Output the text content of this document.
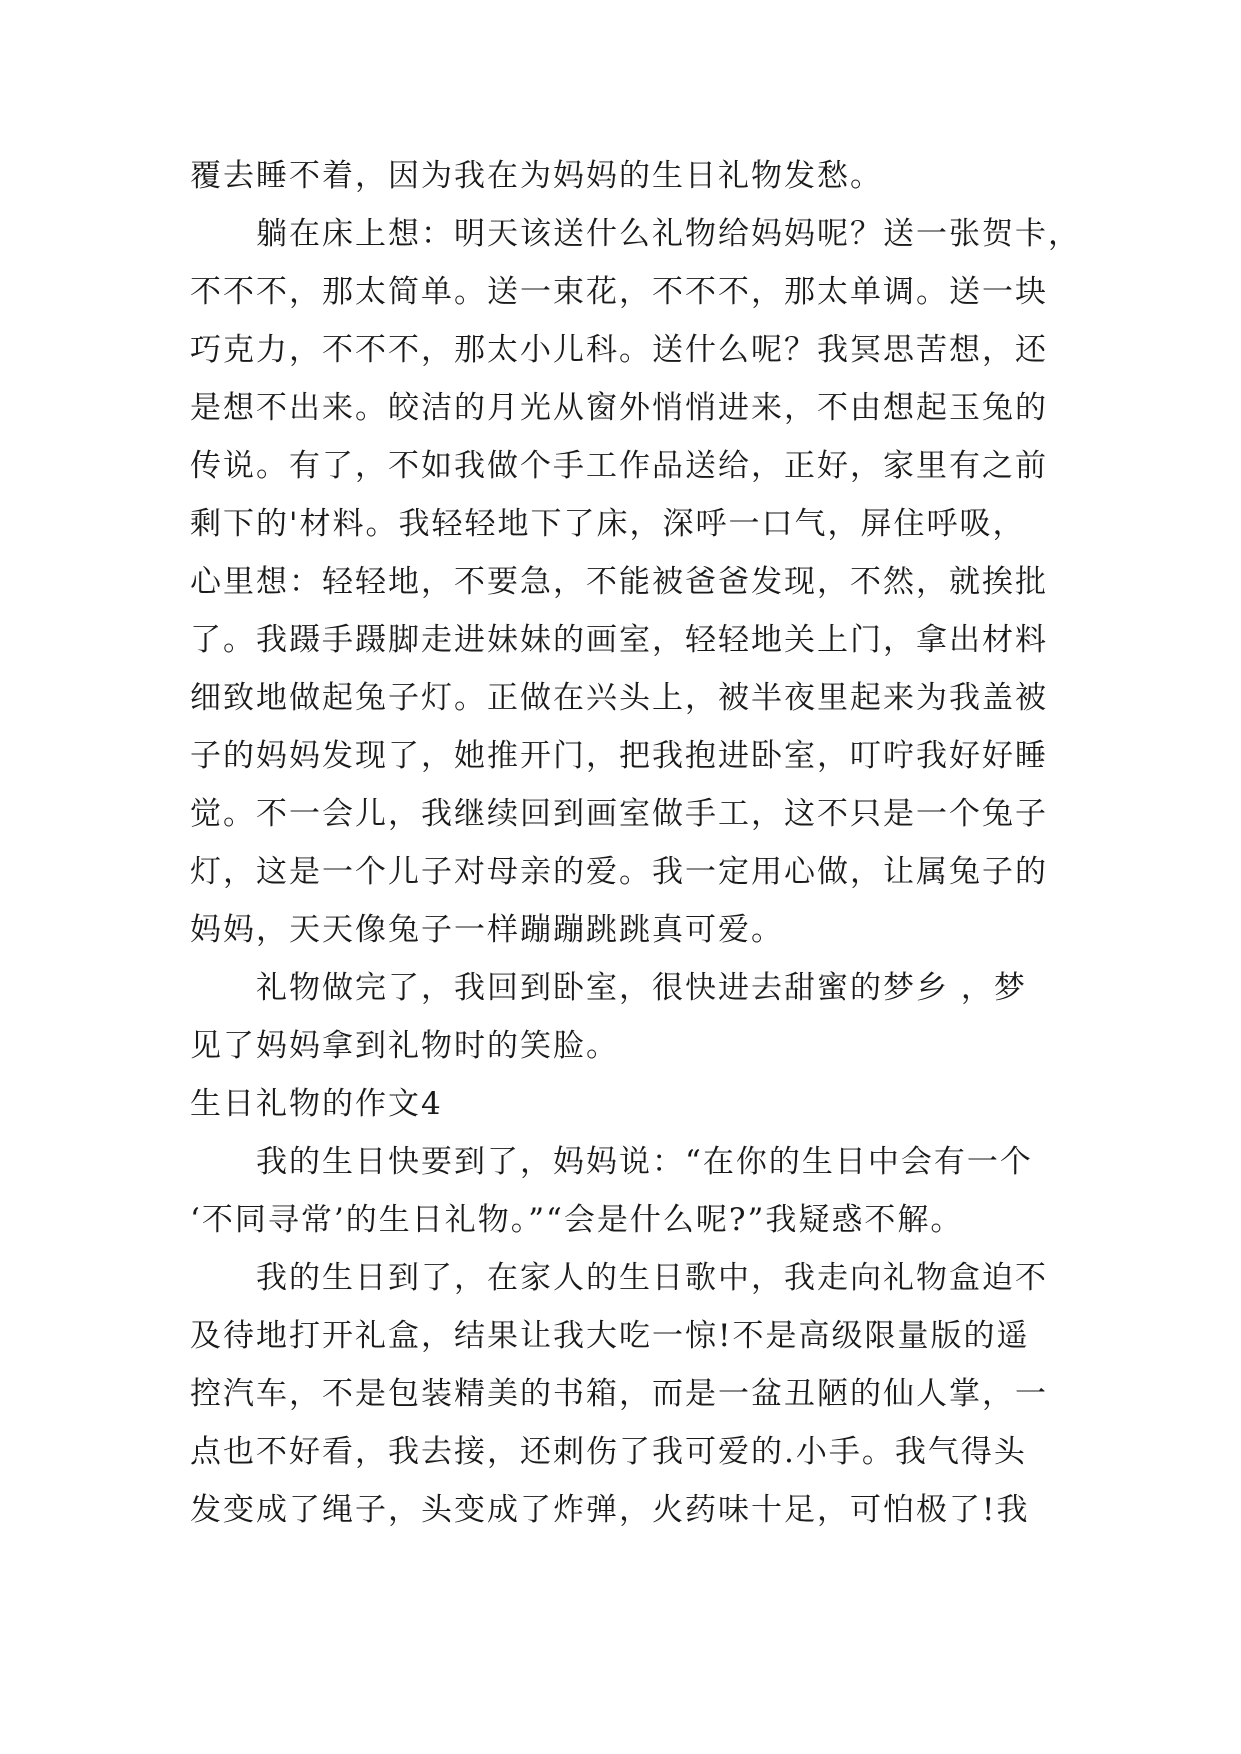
覆去睡不着，因为我在为妈妈的生日礼物发愁。
躺在床上想：明天该送什么礼物给妈妈呢？送一张贺卡，
不不不，那太简单。送一束花，不不不，那太单调。送一块
巧克力，不不不，那太小儿科。送什么呢？我冥思苦想，还
是想不出来。皎洁的月光从窗外悄悄进来，不由想起玉兔的
传说。有了，不如我做个手工作品送给，正好，家里有之前
剩下的'材料。我轻轻地下了床，深呼一口气，屏住呼吸，
心里想：轻轻地，不要急，不能被爸爸发现，不然，就挨批
了。我蹑手蹑脚走进妹妹的画室，轻轻地关上门，拿出材料
细致地做起兔子灯。正做在兴头上，被半夜里起来为我盖被
子的妈妈发现了，她推开门，把我抱进卧室，叮咛我好好睡
觉。不一会儿，我继续回到画室做手工，这不只是一个兔子
灯，这是一个儿子对母亲的爱。我一定用心做，让属兔子的
妈妈，天天像兔子一样蹦蹦跳跳真可爱。
礼物做完了，我回到卧室，很快进去甜蜜的梦乡 ，梦
见了妈妈拿到礼物时的笑脸。
生日礼物的作文4
我的生日快要到了，妈妈说：“在你的生日中会有一个
‘不同寻常’的生日礼物。”“会是什么呢?”我疑惑不解。
我的生日到了，在家人的生日歌中，我走向礼物盒迫不
及待地打开礼盒，结果让我大吃一惊!不是高级限量版的遥
控汽车，不是包装精美的书箱，而是一盆丑陋的仙人掌，一
点也不好看，我去接，还刺伤了我可爱的.小手。我气得头
发变成了绳子，头变成了炸弹，火药味十足，可怕极了!我
